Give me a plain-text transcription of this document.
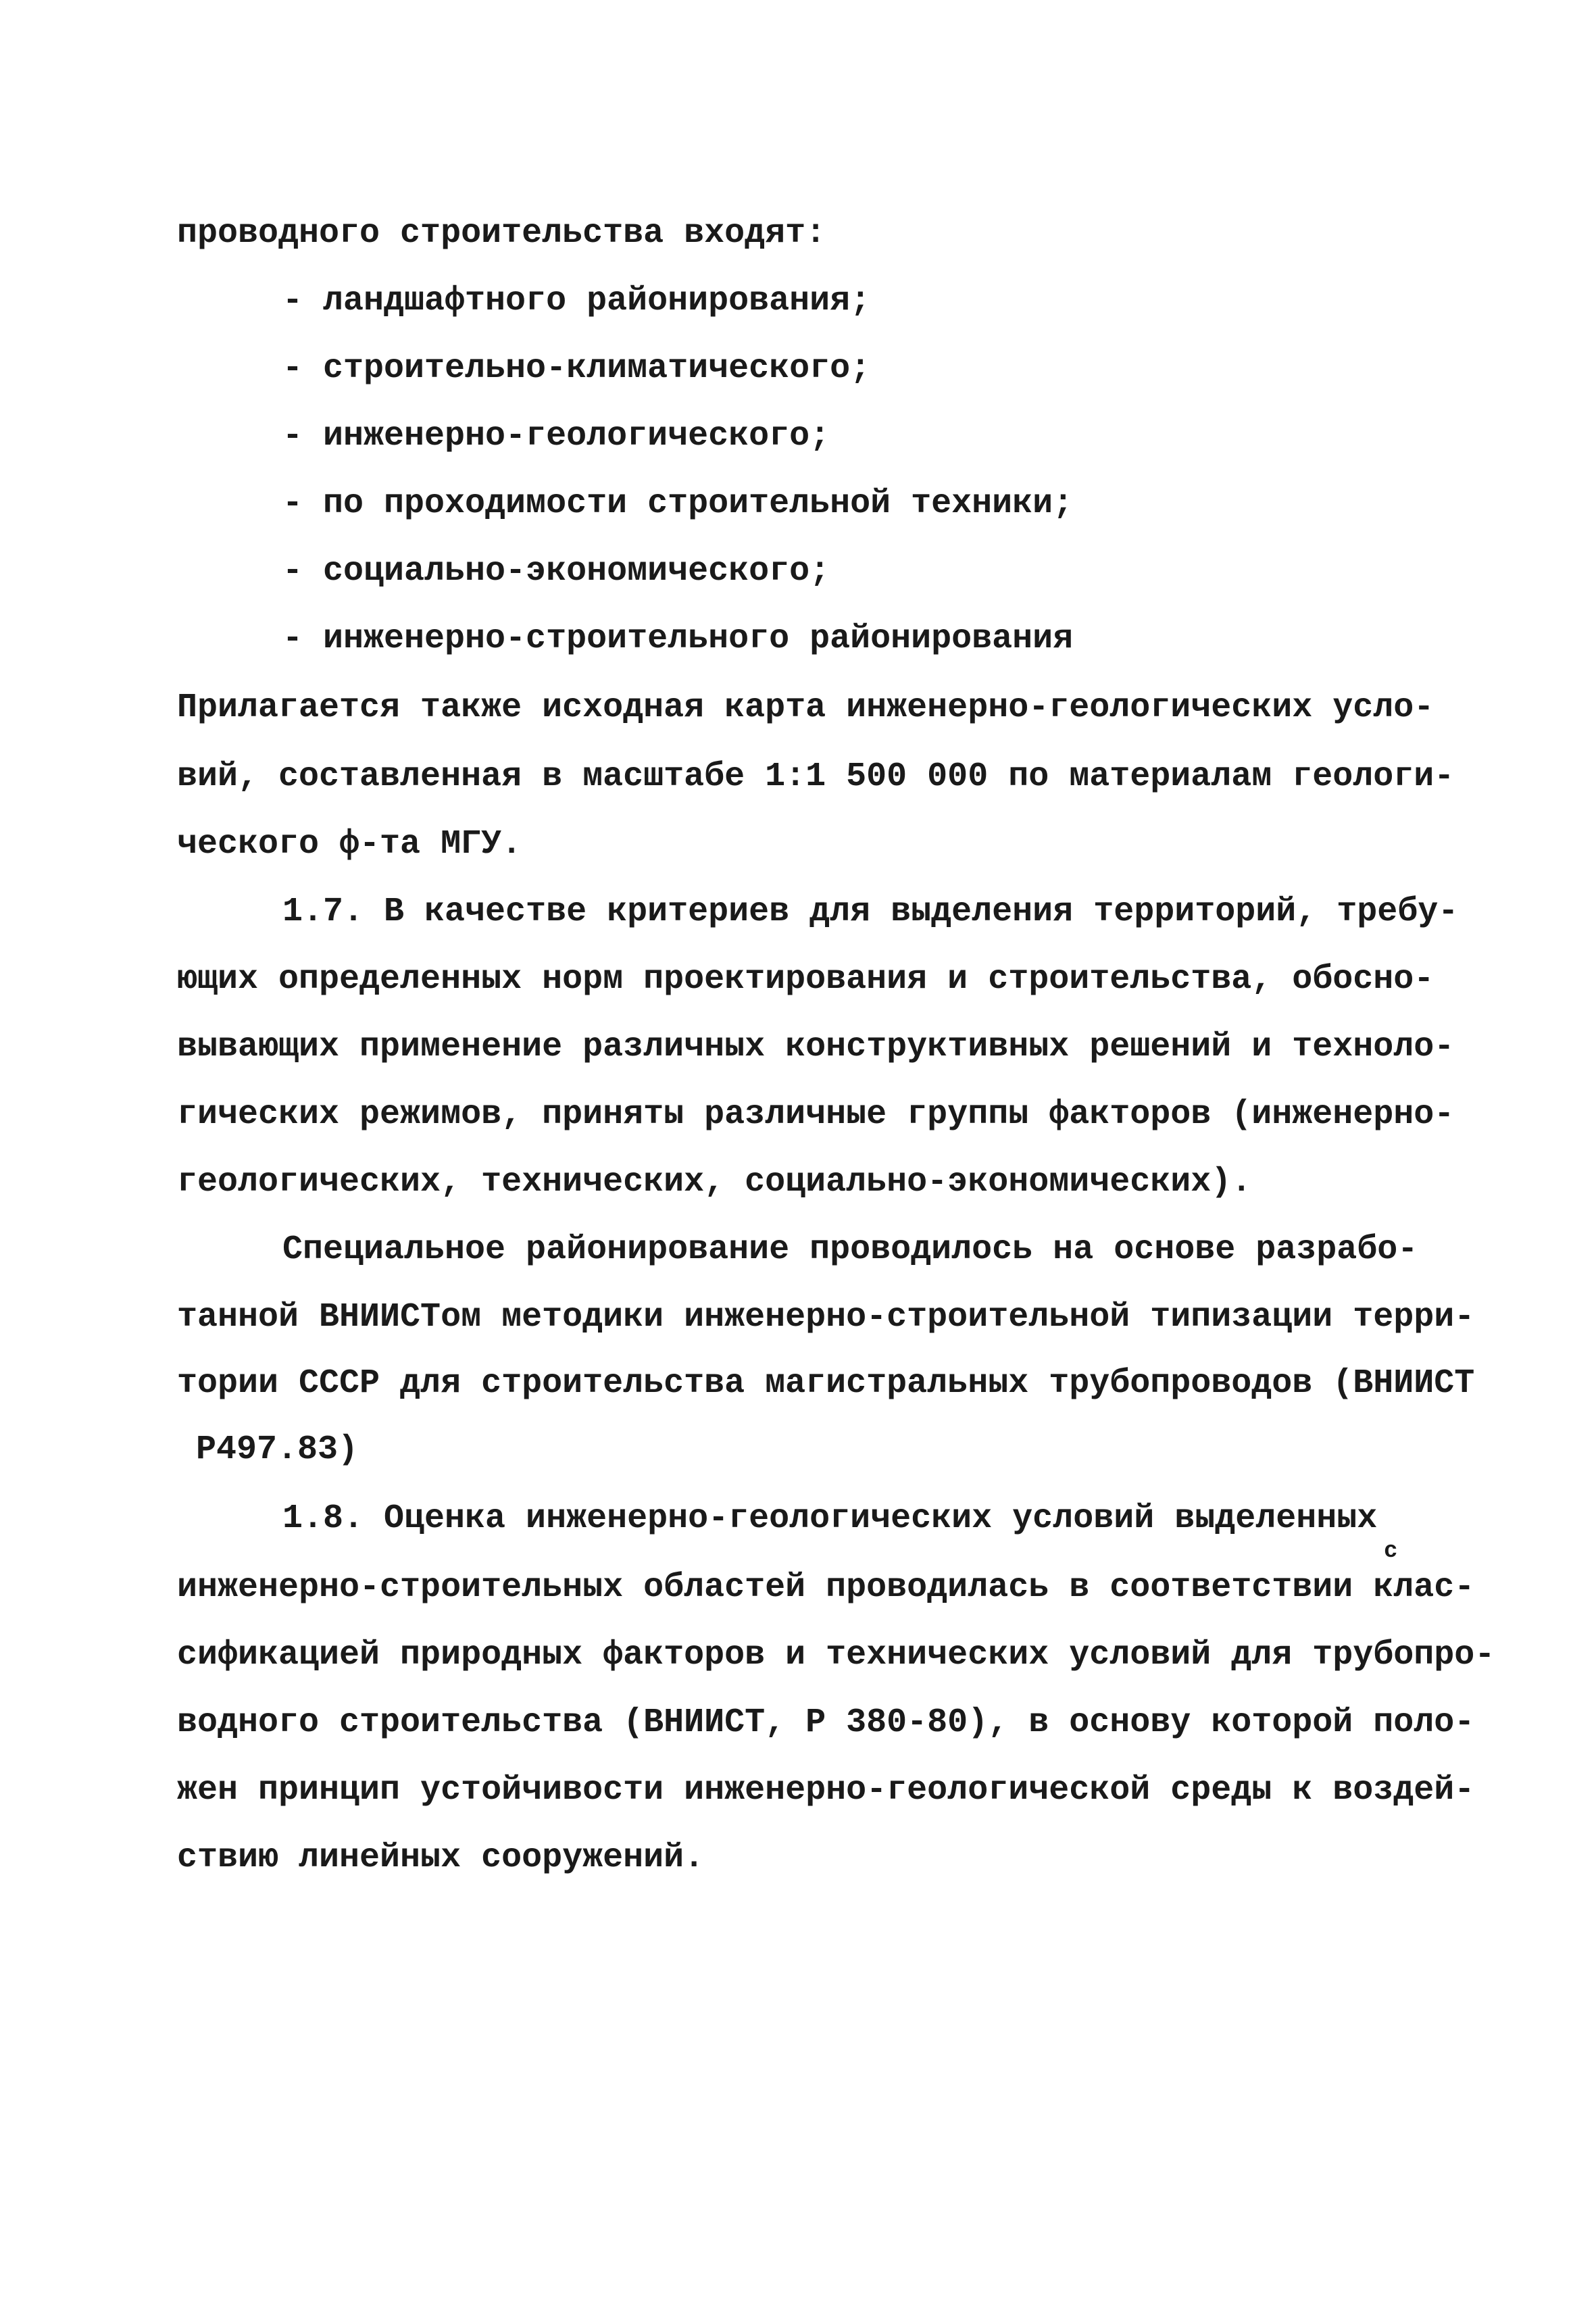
проводного строительства входят:
- ландшафтного районирования;
- строительно-климатического;
- инженерно-геологического;
- по проходимости строительной техники;
- социально-экономического;
- инженерно-строительного районирования
Прилагается также исходная карта инженерно-геологических усло-
вий, составленная в масштабе 1:1 500 000 по материалам геологи-
ческого ф-та МГУ.
1.7. В качестве критериев для выделения территорий, требу-
ющих определенных норм проектирования и строительства, обосно-
вывающих применение различных конструктивных решений и техноло-
гических режимов, приняты различные группы факторов (инженерно-
геологических, технических, социально-экономических).
Специальное районирование проводилось на основе разрабо-
танной ВНИИСТом методики инженерно-строительной типизации терри-
тории СССР для строительства магистральных трубопроводов (ВНИИСТ
Р497.83)
1.8. Оценка инженерно-геологических условий выделенных
с
инженерно-строительных областей проводилась в соответствии клас-
сификацией природных факторов и технических условий для трубопро-
водного строительства (ВНИИСТ, Р 380-80), в основу которой поло-
жен принцип устойчивости инженерно-геологической среды к воздей-
ствию линейных сооружений.
